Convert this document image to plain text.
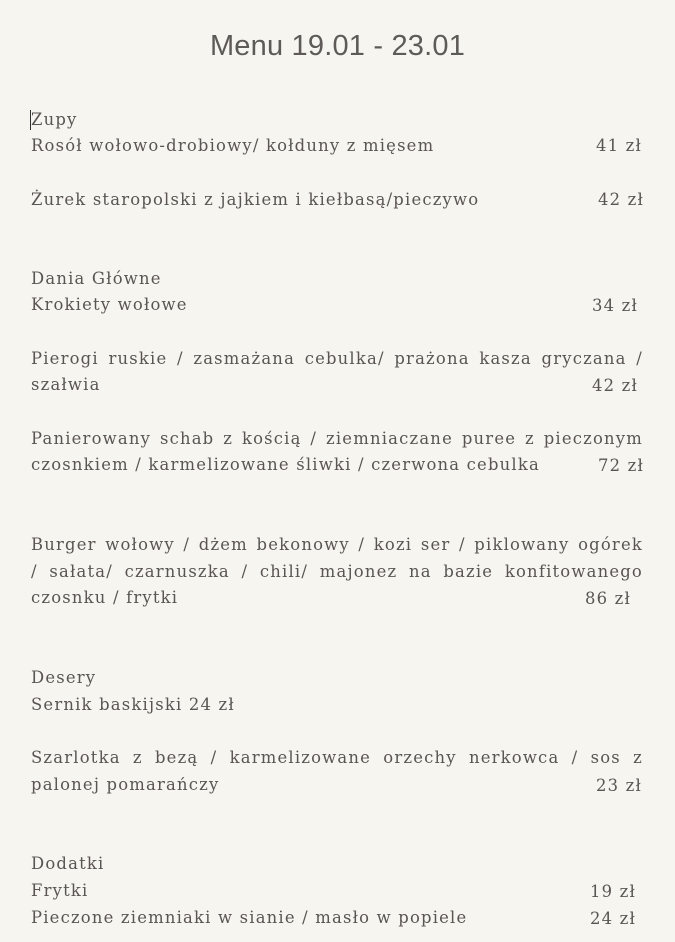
Menu 19.01 - 23.01
Zupy
Rosół wołowo-drobiowy/ kołduny z mięsem	41 zł
Żurek staropolski z jajkiem i kiełbasą/pieczywo	42 zł
Dania Główne
Krokiety wołowe	34 zł
Pierogi ruskie / zasmażana cebulka/ prażona kasza gryczana /
szałwia	42 zł
Panierowany schab z kością / ziemniaczane puree z pieczonym
czosnkiem / karmelizowane śliwki / czerwona cebulka	72 zł
Burger wołowy / dżem bekonowy / kozi ser / piklowany ogórek
/ sałata/ czarnuszka / chili/ majonez na bazie konfitowanego
czosnku / frytki	86 zł
Desery
Sernik baskijski 24 zł
Szarlotka z bezą / karmelizowane orzechy nerkowca / sos z
palonej pomarańczy	23 zł
Dodatki
Frytki	19 zł
Pieczone ziemniaki w sianie / masło w popiele	24 zł
